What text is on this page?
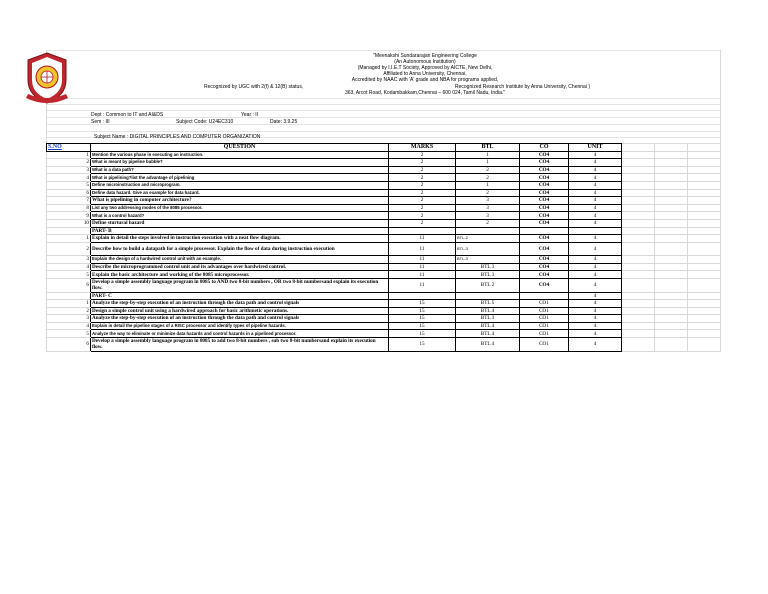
"Meenakshi Sundararajan Engineering College
(An Autonomous Institution)
(Managed by I.I.E.T Society, Approved by AICTE, New Delhi,
Affiliated to Anna University, Chennai,
Accredited by NAAC with 'A' grade and NBA for programs applied,
Recognized by UGC with 2(f) & 12(B) status,	Recognized Research Institute by Anna University, Chennai )
363, Arcot Road, Kodambakkam,Chennai – 600 024, Tamil Nadu, India."
Dept : Common to IT and AI&DS	Year : II
Sem : III	Subject Code: U24EC310	Date: 3.9.25
Subject Name : DIGITAL PRINCIPLES AND COMPUTER ORGANIZATION
S.NO	QUESTION	MARKS	BTL	CO	UNIT			
1	Mention the various phase in executing an instruction.	2	1	CO4	4			
2	What is meant by pipeline bubble?	2	1	CO4	4			
3	What is a data path?	2	2	CO4	4			
4	What is pipelining?list the advantage of pipelining	2	2	CO4	4			
5	Define microinstruction and microprogram.	2	1	CO4	4			
6	Define data hazard. Give an example for data hazard.	2	2	CO4	4			
7	What is pipelining in computer architecture?	2	3	CO4	4			
8	List any two addressing modes of the 8085 processor.	2	3	CO4	4			
9	What is a control hazard?	2	3	CO4	4			
10	Define sturtural hazard	2	2	CO4	4			
	PART- B							
1	Explain in detail the steps involved in instruction execution with a neat flow diagram.	11	BTL-2	CO4	4			
2	Describe how to build a datapath for a simple processor. Explain the flow of data during instruction execution	11	BTL-3	CO4	4			
3	Explain the design of a hardwired control unit with an example.	11	BTL-3	CO4	4			
4	Describe the microprogrammed control unit and its advantages over hardwired control.	11	BTL 3	CO4	4			
5	Explain the basic architecture and working of the 8085 microprocessor.	11	BTL 3	CO4	4			
6	Develop a simple assembly language program in 8085 to AND two 8-bit numbers , OR two 8-bit numbersand explain its execution flow.	11	BTL 2	CO4	4			
	PART- C				4			
1	Analyze the step-by-step execution of an instruction through the data path and control signals	15	BTL 5	CO1	4			
2	Design a simple control unit using a hardwired approach for basic arithmetic operations.	15	BTL 4	CO1	4			
3	Analyze the step-by-step execution of an instruction through the data path and control signals	15	BTL 3	CO1	4			
4	Explain in detail the pipeline stages of a RISC processor and identify types of pipeline hazards.	15	BTL 4	CO1	4			
5	Analyze the way to eliminate or minimize data hazards and control hazards in a pipelined processor.	15	BTL 4	CO1	4			
6	Develop a simple assembly language program in 8085 to add two 8-bit numbers , sub two 8-bit numbersand explain its execution flow.	15	BTL 4	CO1	4			
